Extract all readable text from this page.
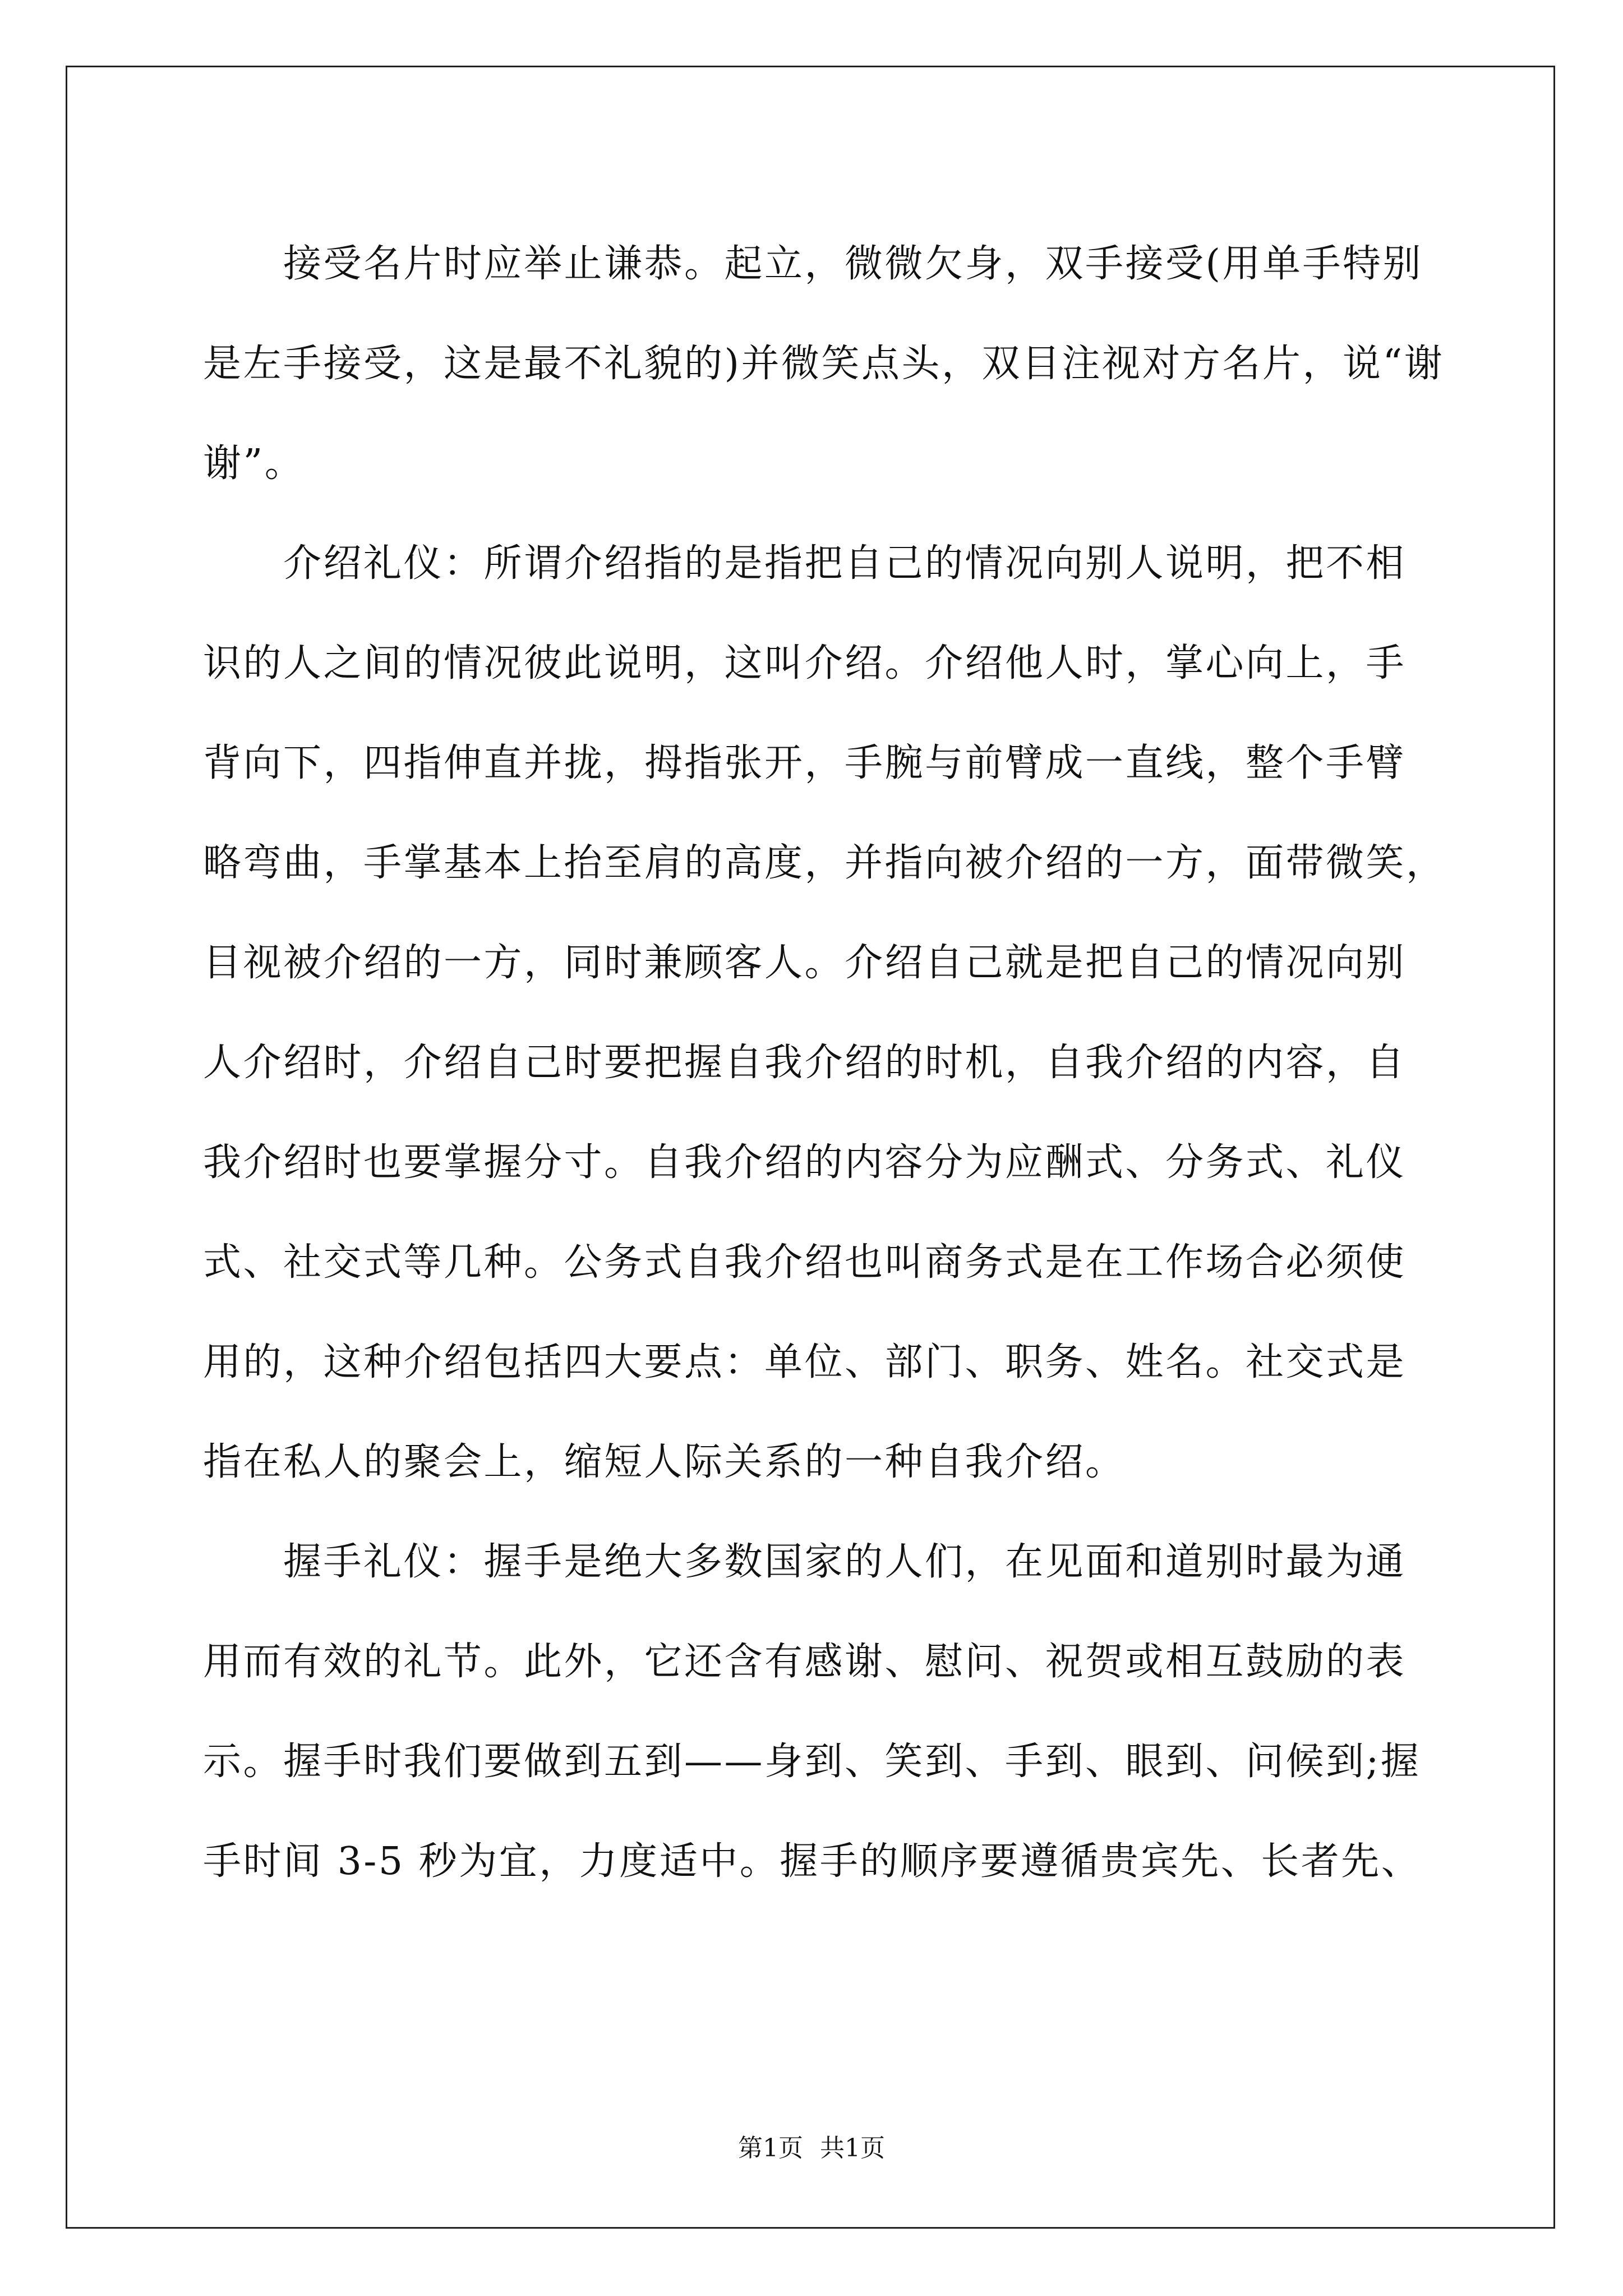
　　接受名片时应举止谦恭。起立，微微欠身，双手接受(用单手特别
是左手接受，这是最不礼貌的)并微笑点头，双目注视对方名片，说“谢
谢”。
　　介绍礼仪：所谓介绍指的是指把自己的情况向别人说明，把不相
识的人之间的情况彼此说明，这叫介绍。介绍他人时，掌心向上，手
背向下，四指伸直并拢，拇指张开，手腕与前臂成一直线，整个手臂
略弯曲，手掌基本上抬至肩的高度，并指向被介绍的一方，面带微笑，
目视被介绍的一方，同时兼顾客人。介绍自己就是把自己的情况向别
人介绍时，介绍自己时要把握自我介绍的时机，自我介绍的内容，自
我介绍时也要掌握分寸。自我介绍的内容分为应酬式、分务式、礼仪
式、社交式等几种。公务式自我介绍也叫商务式是在工作场合必须使
用的，这种介绍包括四大要点：单位、部门、职务、姓名。社交式是
指在私人的聚会上，缩短人际关系的一种自我介绍。
　　握手礼仪：握手是绝大多数国家的人们，在见面和道别时最为通
用而有效的礼节。此外，它还含有感谢、慰问、祝贺或相互鼓励的表
示。握手时我们要做到五到——身到、笑到、手到、眼到、问候到;握
手时间 3-5 秒为宜，力度适中。握手的顺序要遵循贵宾先、长者先、
第1页 共1页
